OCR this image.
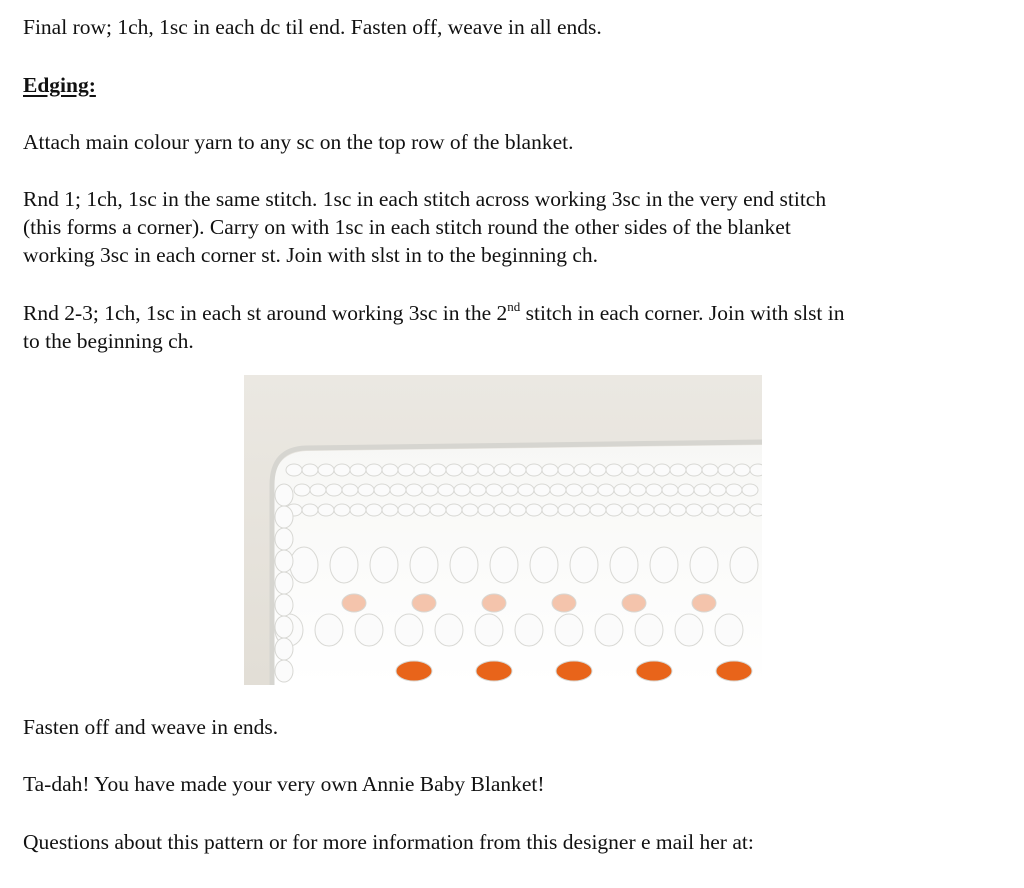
Final row; 1ch, 1sc in each dc til end. Fasten off, weave in all ends.

Edging:

Attach main colour yarn to any sc on the top row of the blanket.

Rnd 1; 1ch, 1sc in the same stitch. 1sc in each stitch across working 3sc in the very end stitch

(this forms a corner). Carry on with 1sc in each stitch round the other sides of the blanket

working 3sc in each corner st. Join with slst in to the beginning ch.

Rnd 2-3; 1ch, 1sc in each st around working 3sc in the 2nd stitch in each corner. Join with slst in

to the beginning ch.

Fasten off and weave in ends.

Ta-dah! You have made your very own Annie Baby Blanket!

Questions about this pattern or for more information from this designer e mail her at:
